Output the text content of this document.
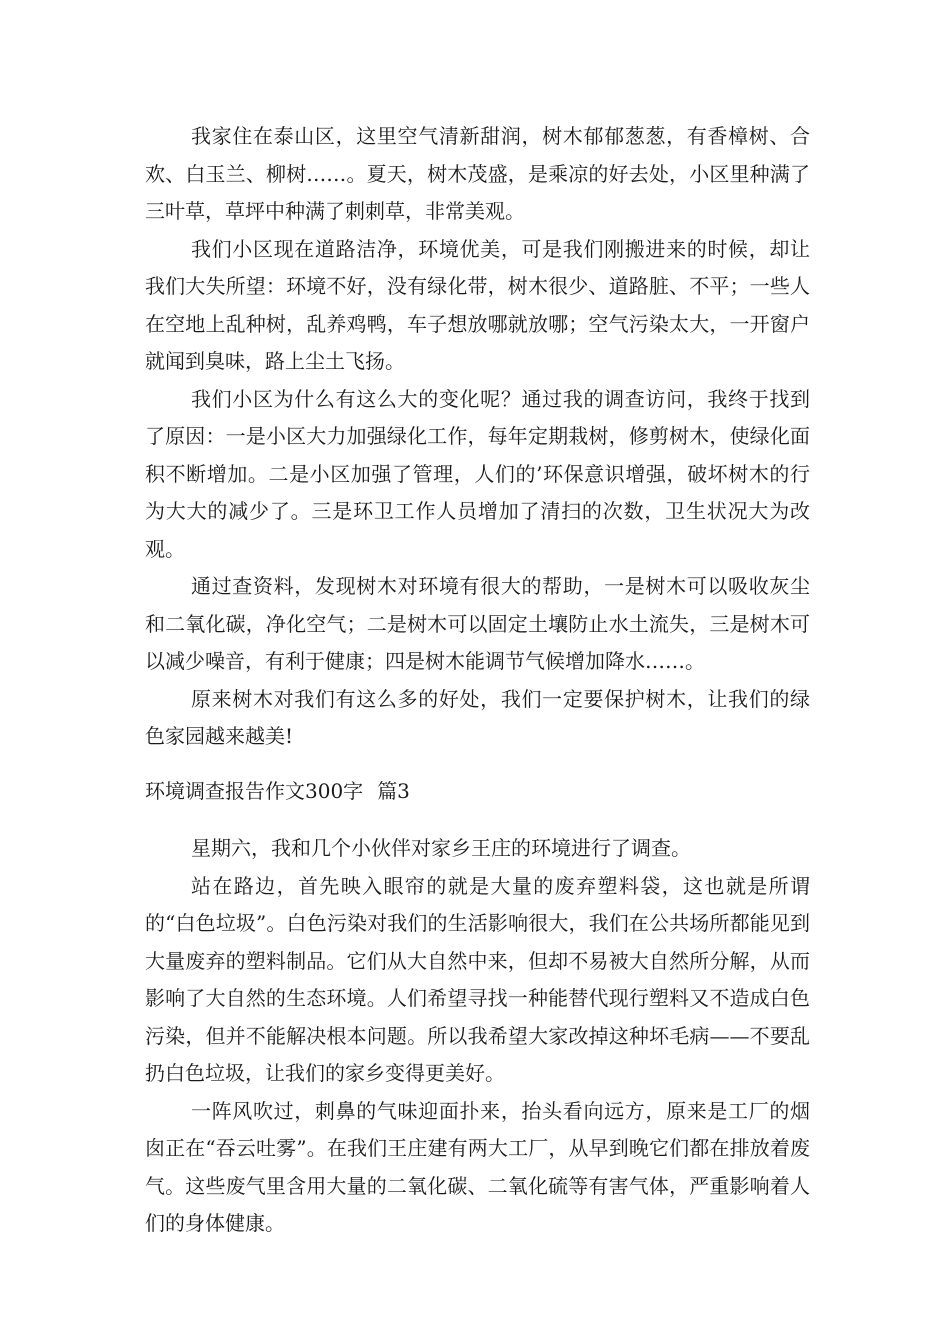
我家住在泰山区，这里空气清新甜润，树木郁郁葱葱，有香樟树、合欢、白玉兰、柳树……。夏天，树木茂盛，是乘凉的好去处，小区里种满了三叶草，草坪中种满了刺刺草，非常美观。

我们小区现在道路洁净，环境优美，可是我们刚搬进来的时候，却让我们大失所望：环境不好，没有绿化带，树木很少、道路脏、不平；一些人在空地上乱种树，乱养鸡鸭，车子想放哪就放哪；空气污染太大，一开窗户就闻到臭味，路上尘土飞扬。

我们小区为什么有这么大的变化呢？通过我的调查访问，我终于找到了原因：一是小区大力加强绿化工作，每年定期栽树，修剪树木，使绿化面积不断增加。二是小区加强了管理，人们的’环保意识增强，破坏树木的行为大大的减少了。三是环卫工作人员增加了清扫的次数，卫生状况大为改观。

通过查资料，发现树木对环境有很大的帮助，一是树木可以吸收灰尘和二氧化碳，净化空气；二是树木可以固定土壤防止水土流失，三是树木可以减少噪音，有利于健康；四是树木能调节气候增加降水……。

原来树木对我们有这么多的好处，我们一定要保护树木，让我们的绿色家园越来越美!

环境调查报告作文300字 篇3

星期六，我和几个小伙伴对家乡王庄的环境进行了调查。

站在路边，首先映入眼帘的就是大量的废弃塑料袋，这也就是所谓的“白色垃圾”。白色污染对我们的生活影响很大，我们在公共场所都能见到大量废弃的塑料制品。它们从大自然中来，但却不易被大自然所分解，从而影响了大自然的生态环境。人们希望寻找一种能替代现行塑料又不造成白色污染，但并不能解决根本问题。所以我希望大家改掉这种坏毛病——不要乱扔白色垃圾，让我们的家乡变得更美好。

一阵风吹过，刺鼻的气味迎面扑来，抬头看向远方，原来是工厂的烟囱正在“吞云吐雾”。在我们王庄建有两大工厂，从早到晚它们都在排放着废气。这些废气里含用大量的二氧化碳、二氧化硫等有害气体，严重影响着人们的身体健康。
